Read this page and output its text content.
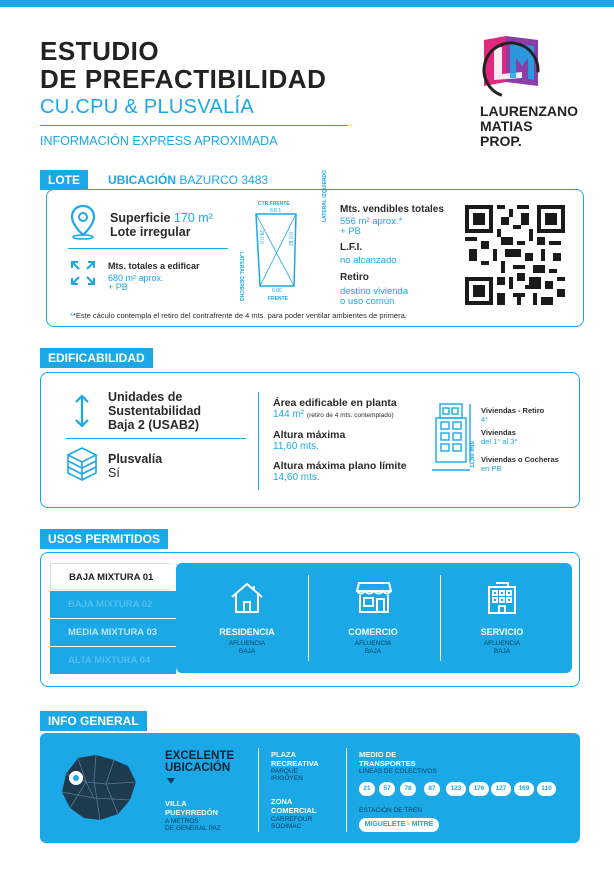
ESTUDIO
DE PREFACTIBILIDAD
CU.CPU & PLUSVALÍA
INFORMACIÓN EXPRESS APROXIMADA
LAURENZANO
MATIAS
PROP.
LOTE	UBICACIÓN BAZURCO 3483
Superficie 170 m²
Lote irregular
Mts. totales a edificar
680 m² aprox.
+ PB
CTR.FRENTE
6.8 1
LATERAL DERECHO
LATERAL IZQUIERDO
28.0 0	28.0 0
6.00
FRENTE
Mts. vendibles totales
556 m² aprox.*
+ PB
L.F.I.
no alcanzado
Retiro
destino vivienda
o uso común
**Este cáculo contempla el retiro del contrafrente de 4 mts. para poder ventilar ambientes de primera.
EDIFICABILIDAD
Unidades de
Sustentabilidad
Baja 2 (USAB2)
Plusvalía
Sí
Área edificable en planta
144 m² (retiro de 4 mts. contemplado)
Altura máxima
11,60 mts.
Altura máxima plano límite
14,60 mts.
11,60 mts
Viviendas - Retiro
4°
Viviendas
del 1° al 3°
Viviendas o Cocheras
en PB
USOS PERMITIDOS
BAJA MIXTURA 01
BAJA MIXTURA 02
MEDIA MIXTURA 03
ALTA MIXTURA 04
RESIDENCIA
AFLUENCIA
BAJA
COMERCIO
AFLUENCIA
BAJA
SERVICIO
AFLUENCIA
BAJA
INFO GENERAL
EXCELENTE
UBICACIÓN
VILLA
PUEYRREDÓN
A METROS
DE GENERAL PAZ
PLAZA
RECREATIVA
PARQUE
IRIGOYEN
ZONA
COMERCIAL
CARREFOUR
SODIMAC
MEDIO DE
TRANSPORTES
LÍNEAS DE COLECTIVOS
21	57	78	87	123	176	127	169	110
ESTACIÓN DE TREN
MIGUELETE - MITRE
